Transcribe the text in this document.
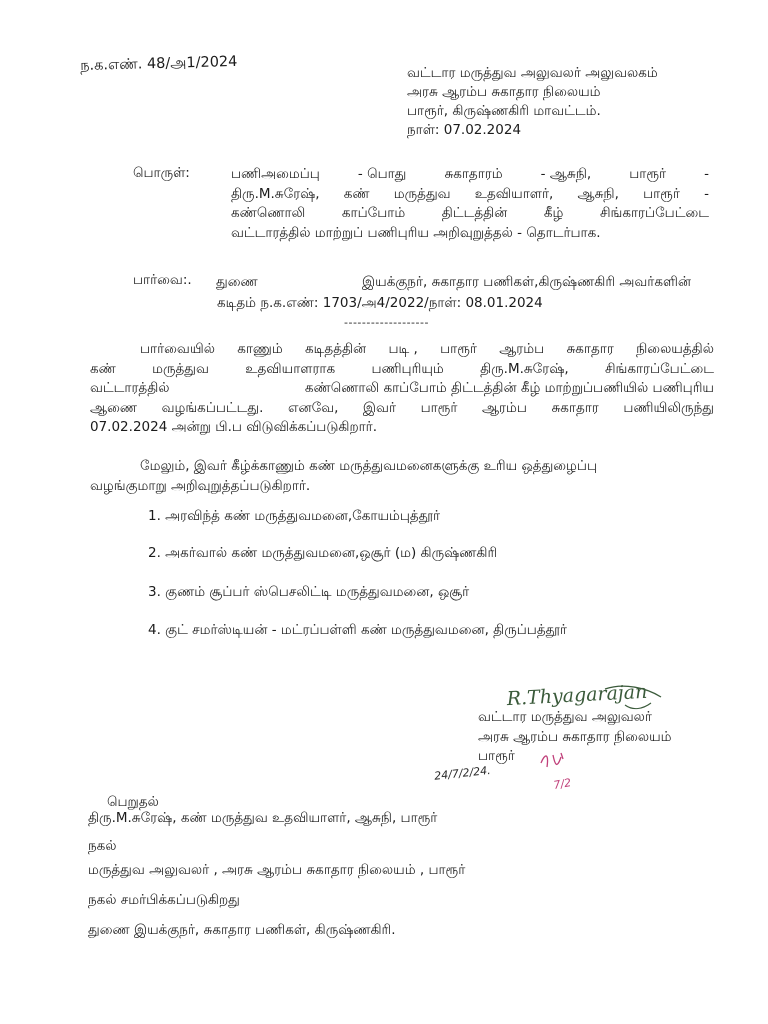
ந.க.எண். 48/அ1/2024	வட்டார மருத்துவ அலுவலர் அலுவலகம்
அரசு ஆரம்ப சுகாதார நிலையம்
பாரூர், கிருஷ்ணகிரி மாவட்டம்.
நாள்: 07.02.2024
பொருள்:	பணிஅமைப்பு	- பொது	சுகாதாரம்	- ஆசுநி,	பாரூர்	-
திரு.M.சுரேஷ், கண் மருத்துவ உதவியாளர், ஆசுநி, பாரூர் -
கண்ணொலி	காப்போம்	திட்டத்தின்	கீழ்	சிங்காரப்பேட்டை
வட்டாரத்தில் மாற்றுப் பணிபுரிய அறிவுறுத்தல் - தொடர்பாக.
பார்வை:. துணை	இயக்குநர், சுகாதார பணிகள்,கிருஷ்ணகிரி அவர்களின்
கடிதம் ந.க.எண்: 1703/அ4/2022/நாள்: 08.01.2024
-------------------
பார்வையில் காணும் கடிதத்தின் படி , பாரூர் ஆரம்ப சுகாதார நிலையத்தில்
கண்	மருத்துவ	உதவியாளராக	பணிபுரியும்	திரு.M.சுரேஷ்,	சிங்காரப்பேட்டை
வட்டாரத்தில்	கண்ணொலி காப்போம் திட்டத்தின் கீழ் மாற்றுப்பணியில் பணிபுரிய
ஆணை வழங்கப்பட்டது. எனவே, இவர் பாரூர் ஆரம்ப சுகாதார பணியிலிருந்து
07.02.2024 அன்று பி.ப விடுவிக்கப்படுகிறார்.
மேலும், இவர் கீழ்க்காணும் கண் மருத்துவமனைகளுக்கு உரிய ஒத்துழைப்பு
வழங்குமாறு அறிவுறுத்தப்படுகிறார்.
1. அரவிந்த் கண் மருத்துவமனை,கோயம்புத்தூர்
2. அகர்வால் கண் மருத்துவமனை,ஒசூர் (ம) கிருஷ்ணகிரி
3. குணம் சூப்பர் ஸ்பெசலிட்டி மருத்துவமனை, ஒசூர்
4. குட் சமர்ஸ்டியன் - மட்ரப்பள்ளி கண் மருத்துவமனை, திருப்பத்தூர்
R.Thyagarajan
வட்டார மருத்துவ அலுவலர்
அரசு ஆரம்ப சுகாதார நிலையம்
பாரூர்
24/7/2/24.
7/2
பெறுதல்
திரு.M.சுரேஷ், கண் மருத்துவ உதவியாளர், ஆசுநி, பாரூர்
நகல்
மருத்துவ அலுவலர் , அரசு ஆரம்ப சுகாதார நிலையம் , பாரூர்
நகல் சமர்பிக்கப்படுகிறது
துணை இயக்குநர், சுகாதார பணிகள், கிருஷ்ணகிரி.
